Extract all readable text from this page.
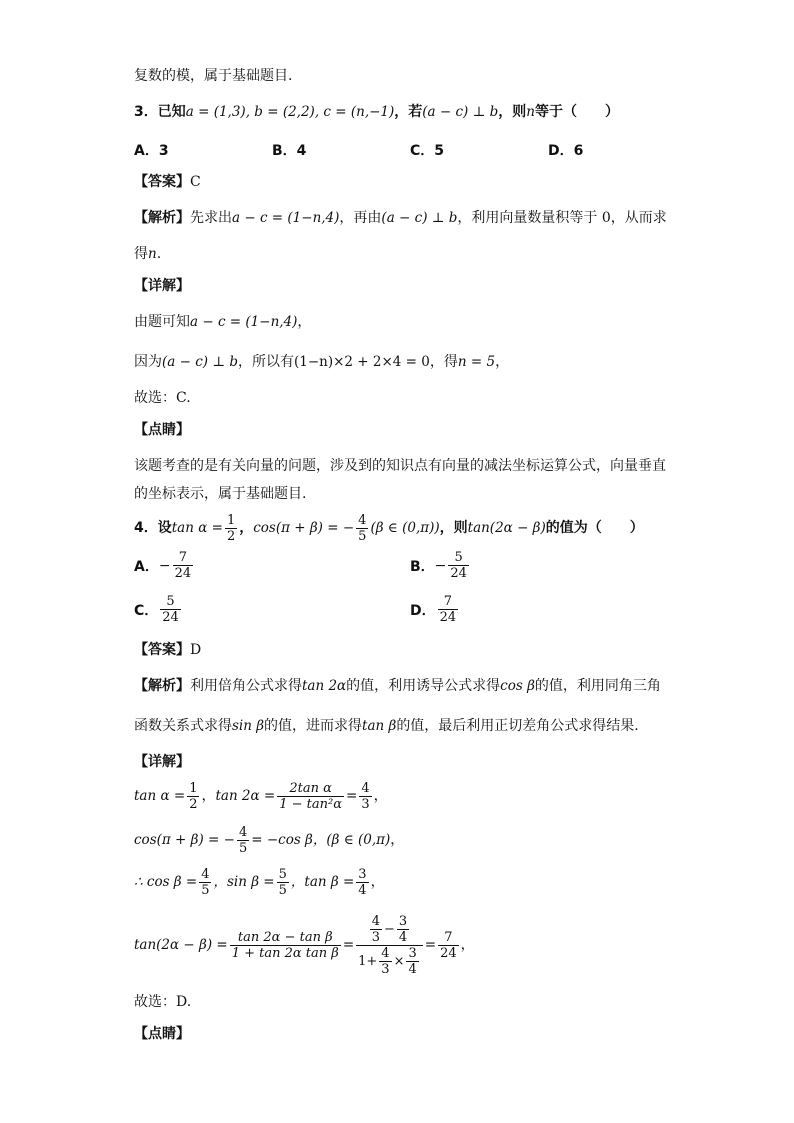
复数的模，属于基础题目.
3．已知a = (1,3), b = (2,2), c = (n,−1)，若(a − c) ⊥ b，则n等于（　　）
A．3	B．4	C．5	D．6
【答案】C
【解析】先求出a − c = (1−n,4)，再由(a − c) ⊥ b，利用向量数量积等于 0，从而求
得n.
【详解】
由题可知a − c = (1−n,4)，
因为(a − c) ⊥ b，所以有(1−n)×2 + 2×4 = 0，得n = 5，
故选：C.
【点睛】
该题考查的是有关向量的问题，涉及到的知识点有向量的减法坐标运算公式，向量垂直
的坐标表示，属于基础题目.
4．设 $\tan \alpha = \frac{1}{2}$ ， cos(π + β) = − $\frac{4}{5} (\beta$ ∈ (0,π)) ，则 tan(2α − β) 的值为（　　）
A． − $\frac{7}{24}$	B． − $\frac{5}{24}$
C． $\frac{5}{24}$	D． $\frac{7}{24}$
【答案】D
【解析】利用倍角公式求得tan 2α的值，利用诱导公式求得cos β的值，利用同角三角
函数关系式求得sin β的值，进而求得tan β的值，最后利用正切差角公式求得结果.
【详解】
$\tan \alpha = \frac{1}{2}$ ， $\tan 2\alpha = \frac{\text{2tan α}}{\text{1 − tan²α}} = \frac{4}{3}$ ，
cos(π + β) = − $\frac{4}{5} = -\cos$ β ，(β ∈ (0,π) ，
∴ $\cos \beta = \frac{4}{5}$ ，$\sin \beta = \frac{5}{5}$ ，$\tan \beta = \frac{3}{4}$ ，
$\tan(2\alpha - \beta) = \frac{\text{tan 2α − tan β}}{\text{1 + tan 2α tan β}} = \frac{\frac{4}{3} - \frac{3}{4}}{1+ \frac{4}{3} \times \frac{3}{4}} = \frac{7}{24}$ ，
故选：D.
【点睛】
